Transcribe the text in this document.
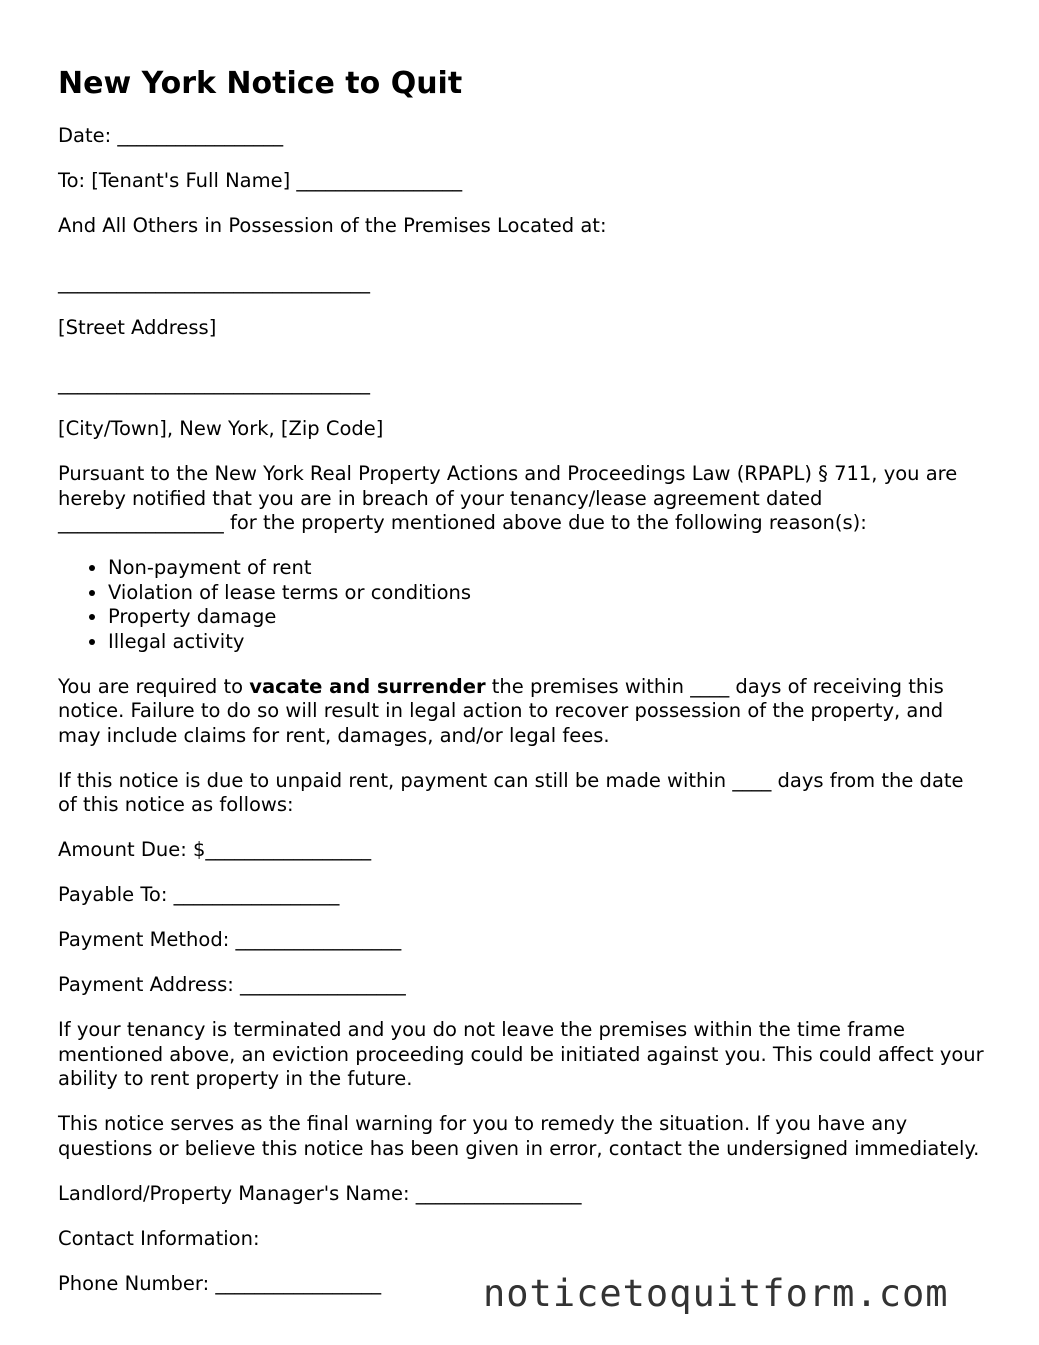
New York Notice to Quit

Date: _________________

To: [Tenant's Full Name] _________________

And All Others in Possession of the Premises Located at:

________________________________

[Street Address]

________________________________

[City/Town], New York, [Zip Code]

Pursuant to the New York Real Property Actions and Proceedings Law (RPAPL) § 711, you are hereby notified that you are in breach of your tenancy/lease agreement dated _________________ for the property mentioned above due to the following reason(s):

• Non-payment of rent
• Violation of lease terms or conditions
• Property damage
• Illegal activity

You are required to vacate and surrender the premises within ____ days of receiving this notice. Failure to do so will result in legal action to recover possession of the property, and may include claims for rent, damages, and/or legal fees.

If this notice is due to unpaid rent, payment can still be made within ____ days from the date of this notice as follows:

Amount Due: $_________________

Payable To: _________________

Payment Method: _________________

Payment Address: _________________

If your tenancy is terminated and you do not leave the premises within the time frame mentioned above, an eviction proceeding could be initiated against you. This could affect your ability to rent property in the future.

This notice serves as the final warning for you to remedy the situation. If you have any questions or believe this notice has been given in error, contact the undersigned immediately.

Landlord/Property Manager's Name: _________________

Contact Information:

Phone Number: _________________	noticetoquitform.com
